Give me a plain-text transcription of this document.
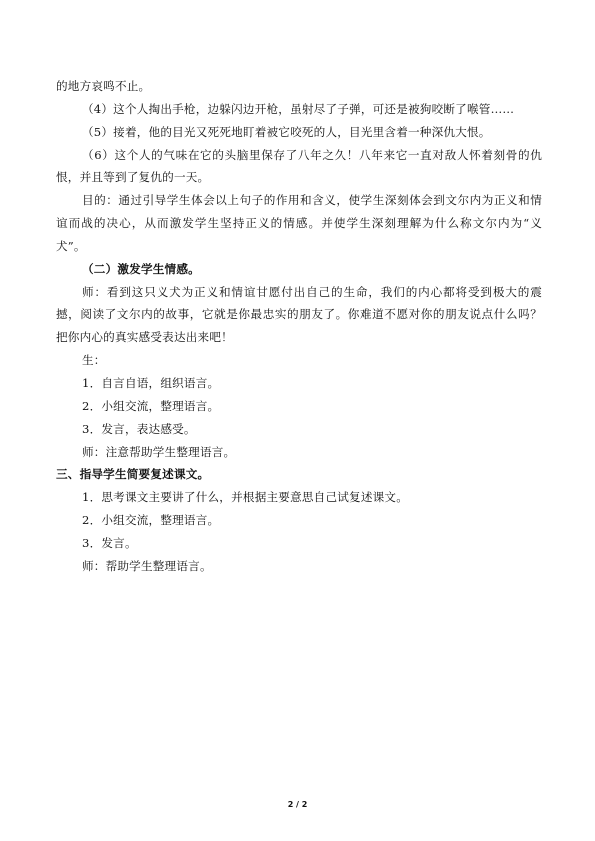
的地方哀鸣不止。
（4）这个人掏出手枪，边躲闪边开枪，虽射尽了子弹，可还是被狗咬断了喉管……
（5）接着，他的目光又死死地盯着被它咬死的人，目光里含着一种深仇大恨。
（6）这个人的气味在它的头脑里保存了八年之久！八年来它一直对敌人怀着刻骨的仇
恨，并且等到了复仇的一天。
目的：通过引导学生体会以上句子的作用和含义，使学生深刻体会到文尔内为正义和情
谊而战的决心，从而激发学生坚持正义的情感。并使学生深刻理解为什么称文尔内为“义
犬”。
（二）激发学生情感。
师：看到这只义犬为正义和情谊甘愿付出自己的生命，我们的内心都将受到极大的震
撼，阅读了文尔内的故事，它就是你最忠实的朋友了。你难道不愿对你的朋友说点什么吗？
把你内心的真实感受表达出来吧！
生：
1．自言自语，组织语言。
2．小组交流，整理语言。
3．发言，表达感受。
师：注意帮助学生整理语言。
三、指导学生简要复述课文。
1．思考课文主要讲了什么，并根据主要意思自己试复述课文。
2．小组交流，整理语言。
3．发言。
师：帮助学生整理语言。
2 / 2
